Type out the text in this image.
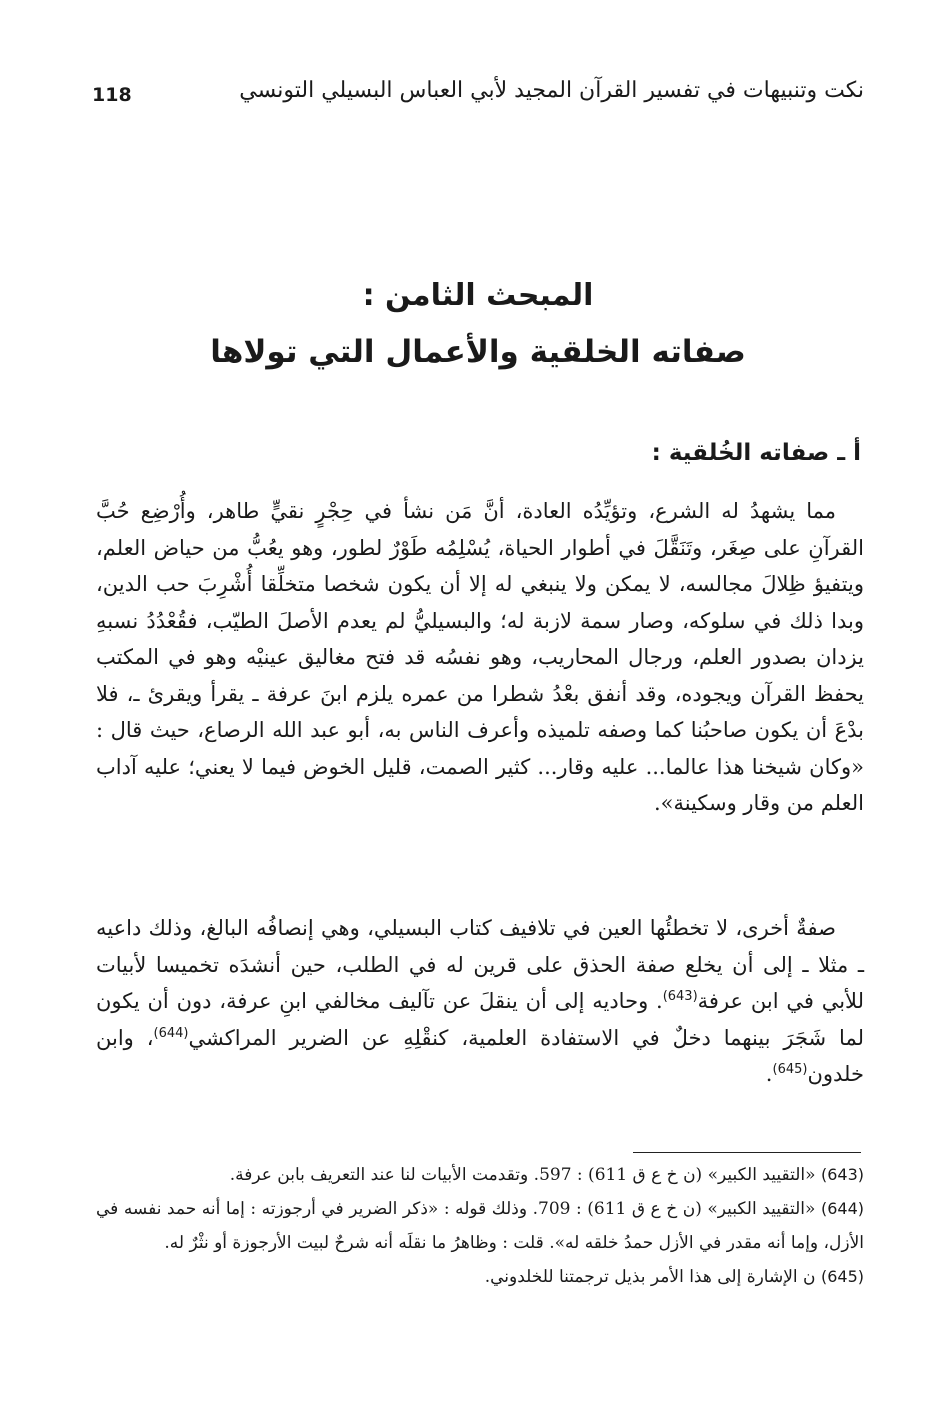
118	نكت وتنبيهات في تفسير القرآن المجيد لأبي العباس البسيلي التونسي
المبحث الثامن :
صفاته الخلقية والأعمال التي تولاها
أ ـ صفاته الخُلقية :

مما يشهدُ له الشرع، وتؤيِّدُه العادة، أنَّ مَن نشأ في حِجْرٍ نقيٍّ طاهر، وأُرْضِع حُبَّ القرآنِ على صِغَر، وتَنَقَّلَ في أطوار الحياة، يُسْلِمُه طَوْرٌ لطور، وهو يعُبُّ من حياض العلم، ويتفيؤ ظِلالَ مجالسه، لا يمكن ولا ينبغي له إلا أن يكون شخصا متخلِّقا أُشْرِبَ حب الدين، وبدا ذلك في سلوكه، وصار سمة لازبة له؛ والبسيليُّ لم يعدم الأصلَ الطيّب، فقُعْدُدُ نسبهِ يزدان بصدور العلم، ورجال المحاريب، وهو نفسُه قد فتح مغاليق عينيْه وهو في المكتب يحفظ القرآن ويجوده، وقد أنفق بعْدُ شطرا من عمره يلزم ابنَ عرفة ـ يقرأ ويقرئ ـ، فلا بدْعَ أن يكون صاحبُنا كما وصفه تلميذه وأعرف الناس به، أبو عبد الله الرصاع، حيث قال : «وكان شيخنا هذا عالما... عليه وقار... كثير الصمت، قليل الخوض فيما لا يعني؛ عليه آداب العلم من وقار وسكينة».

صفةٌ أخرى، لا تخطئُها العين في تلافيف كتاب البسيلي، وهي إنصافُه البالغ، وذلك داعيه ـ مثلا ـ إلى أن يخلع صفة الحذق على قرين له في الطلب، حين أنشدَه تخميسا لأبيات للأبي في ابن عرفة$^{(643)}$. وحاديه إلى أن ينقلَ عن تآليف مخالفي ابنِ عرفة، دون أن يكون لما شَجَرَ بينهما دخلٌ في الاستفادة العلمية، كنقْلِهِ عن الضرير المراكشي$^{(644)}$، وابن خلدون$^{(645)}$.

(643) «التقييد الكبير» (ن خ ع ق 611) : 597. وتقدمت الأبيات لنا عند التعريف بابن عرفة.
(644) «التقييد الكبير» (ن خ ع ق 611) : 709. وذلك قوله : «ذكر الضرير في أرجوزته : إما أنه حمد نفسه في الأزل، وإما أنه مقدر في الأزل حمدُ خلقه له». قلت : وظاهرُ ما نقلَه أنه شرحٌ لبيت الأرجوزة أو نثْرٌ له.
(645) ن الإشارة إلى هذا الأمر بذيل ترجمتنا للخلدوني.
